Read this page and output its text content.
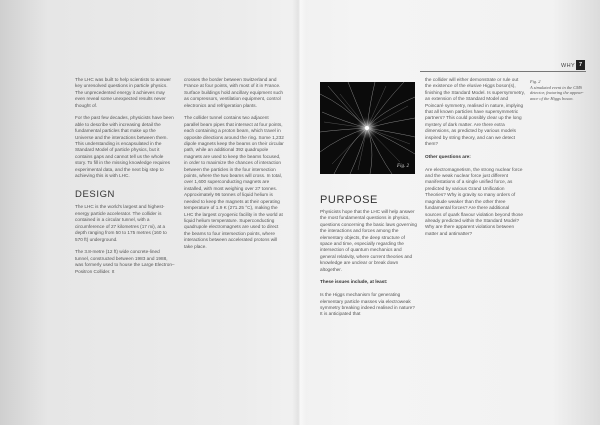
The LHC was built to help scientists to answer key unresolved questions in particle physics. The unprecedented energy it achieves may even reveal some unexpected results never thought of.

For the past few decades, physicists have been able to describe with increasing detail the fundamental particles that make up the Universe and the interactions between them. This understanding is encapsulated in the Standard Model of particle physics, but it contains gaps and cannot tell us the whole story. To fill in the missing knowledge requires experimental data, and the next big step to achieving this is with LHC.

DESIGN

The LHC is the world's largest and highest-energy particle accelerator. The collider is contained in a circular tunnel, with a circumference of 27 kilometres (17 mi), at a depth ranging from 50 to 175 metres (160 to 570 ft) underground.

The 3.8-metre (12 ft) wide concrete-lined tunnel, constructed between 1983 and 1988, was formerly used to house the Large Electron–Positron Collider. It

crosses the border between Switzerland and France at four points, with most of it in France. Surface buildings hold ancillary equipment such as compressors, ventilation equipment, control electronics and refrigeration plants.

The collider tunnel contains two adjacent parallel beam pipes that intersect at four points, each containing a proton beam, which travel in opposite directions around the ring. Some 1,232 dipole magnets keep the beams on their circular path, while an additional 392 quadrupole magnets are used to keep the beams focused, in order to maximize the chances of interaction between the particles in the four intersection points, where the two beams will cross. In total, over 1,600 superconducting magnets are installed, with most weighing over 27 tonnes. Approximately 96 tonnes of liquid helium is needed to keep the magnets at their operating temperature of 1.9 K (271.25 °C), making the LHC the largest cryogenic facility in the world at liquid helium temperature. Superconducting quadrupole electromagnets are used to direct the beams to four intersection points, where interactions between accelerated protons will take place.

WHY 7
Fig. 2
PURPOSE

Physicists hope that the LHC will help answer the most fundamental questions in physics, questions concerning the basic laws governing the interactions and forces among the elementary objects, the deep structure of space and time, especially regarding the intersection of quantum mechanics and general relativity, where current theories and knowledge are unclear or break down altogether.

These issues include, at least:

Is the Higgs mechanism for generating elementary particle masses via electroweak symmetry breaking indeed realised in nature? It is anticipated that

the collider will either demonstrate or rule out the existence of the elusive Higgs boson(s), finishing the Standard Model. Is supersymmetry, an extension of the Standard Model and Poincaré symmetry, realised in nature, implying that all known particles have supersymmetric partners? This could possibly clear up the long mystery of dark matter. Are there extra dimensions, as predicted by various models inspired by string theory, and can we detect them?

Other questions are:

Are electromagnetism, the strong nuclear force and the weak nuclear force just different manifestations of a single unified force, as predicted by various Grand Unification Theories? Why is gravity so many orders of magnitude weaker than the other three fundamental forces? Are there additional sources of quark flavour violation beyond those already predicted within the Standard Model? Why are there apparent violations between matter and antimatter?

Fig. 2
A simulated event in the CMS
detector, featuring the appear-
ance of the Higgs boson.
